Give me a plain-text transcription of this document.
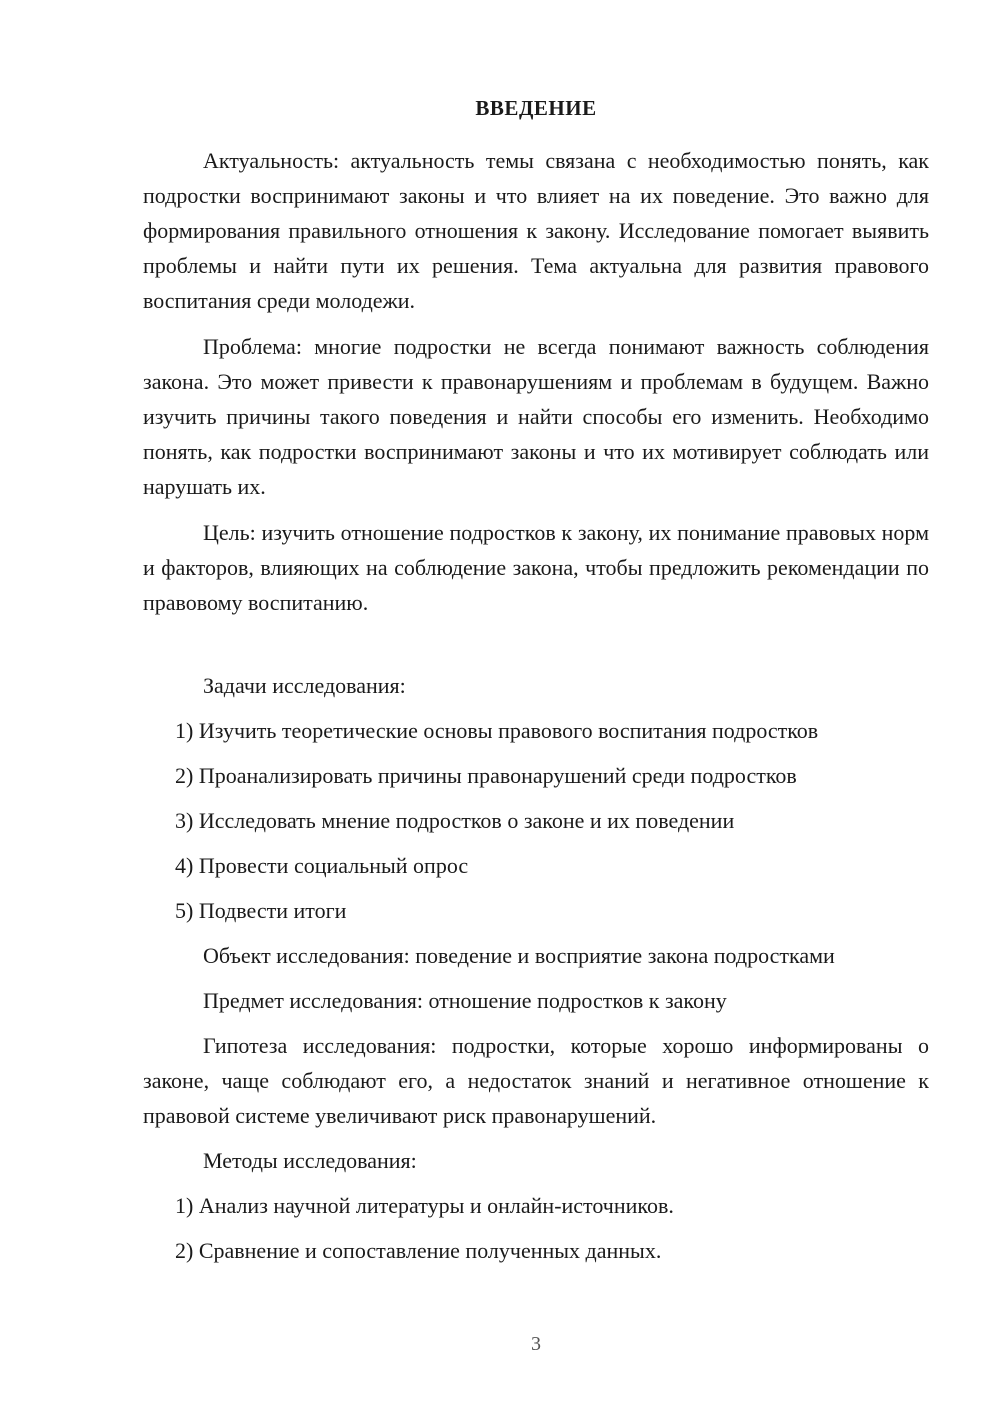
ВВЕДЕНИЕ

Актуальность: актуальность темы связана с необходимостью понять, как подростки воспринимают законы и что влияет на их поведение. Это важно для формирования правильного отношения к закону. Исследование помогает выявить проблемы и найти пути их решения. Тема актуальна для развития правового воспитания среди молодежи.

Проблема: многие подростки не всегда понимают важность соблюдения закона. Это может привести к правонарушениям и проблемам в будущем. Важно изучить причины такого поведения и найти способы его изменить. Необходимо понять, как подростки воспринимают законы и что их мотивирует соблюдать или нарушать их.

Цель: изучить отношение подростков к закону, их понимание правовых норм и факторов, влияющих на соблюдение закона, чтобы предложить рекомендации по правовому воспитанию.

Задачи исследования:

1) Изучить теоретические основы правового воспитания подростков

2) Проанализировать причины правонарушений среди подростков

3) Исследовать мнение подростков о законе и их поведении

4) Провести социальный опрос

5) Подвести итоги

Объект исследования: поведение и восприятие закона подростками

Предмет исследования: отношение подростков к закону

Гипотеза исследования: подростки, которые хорошо информированы о законе, чаще соблюдают его, а недостаток знаний и негативное отношение к правовой системе увеличивают риск правонарушений.

Методы исследования:

1) Анализ научной литературы и онлайн-источников.

2) Сравнение и сопоставление полученных данных.

3
